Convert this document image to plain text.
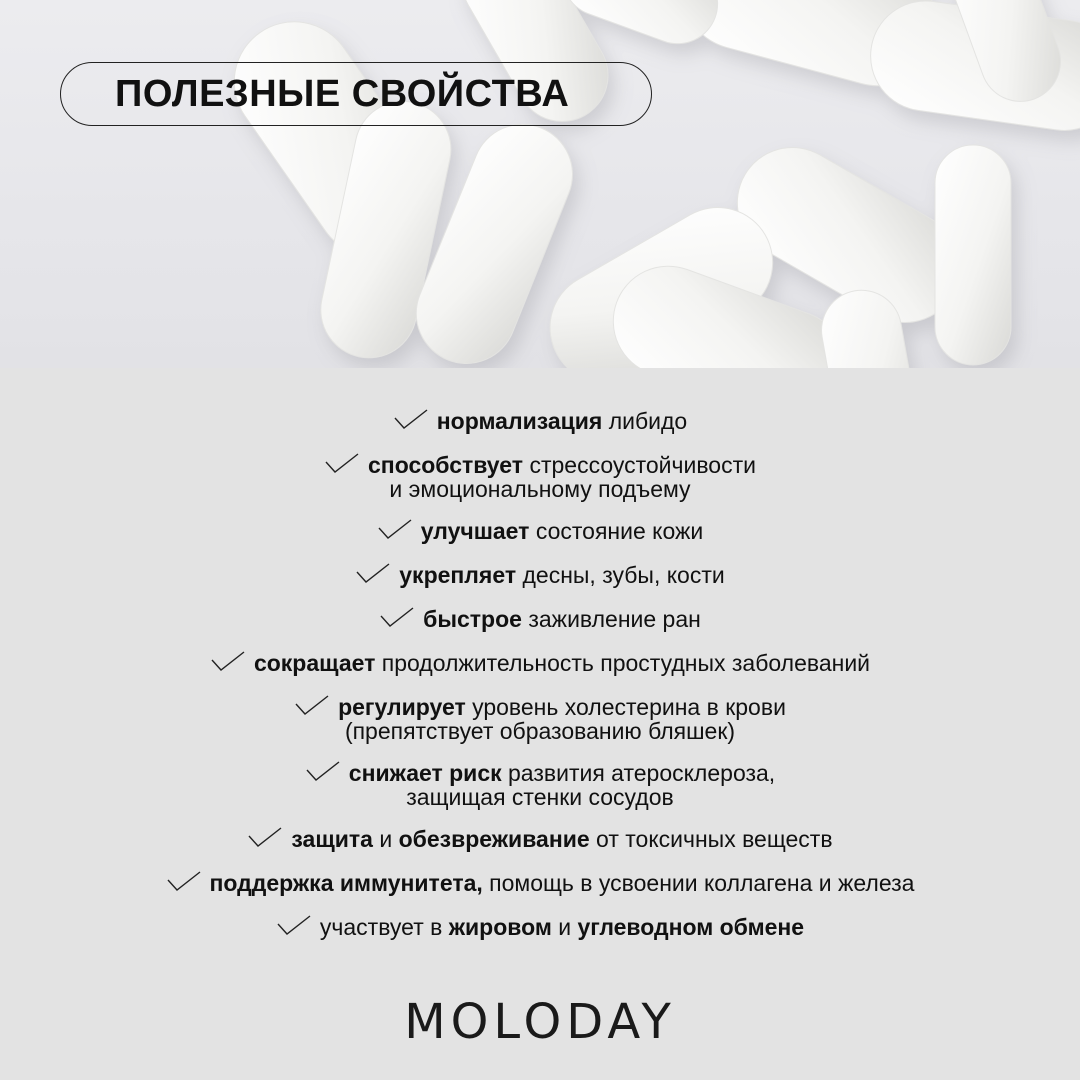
ПОЛЕЗНЫЕ СВОЙСТВА
нормализация либидо
способствует стрессоустойчивости
и эмоциональному подъему
улучшает состояние кожи
укрепляет десны, зубы, кости
быстрое заживление ран
сокращает продолжительность простудных заболеваний
регулирует уровень холестерина в крови
(препятствует образованию бляшек)
снижает риск развития атеросклероза,
защищая стенки сосудов
защита и обезвреживание от токсичных веществ
поддержка иммунитета, помощь в усвоении коллагена и железа
участвует в жировом и углеводном обмене
MOLODAY
